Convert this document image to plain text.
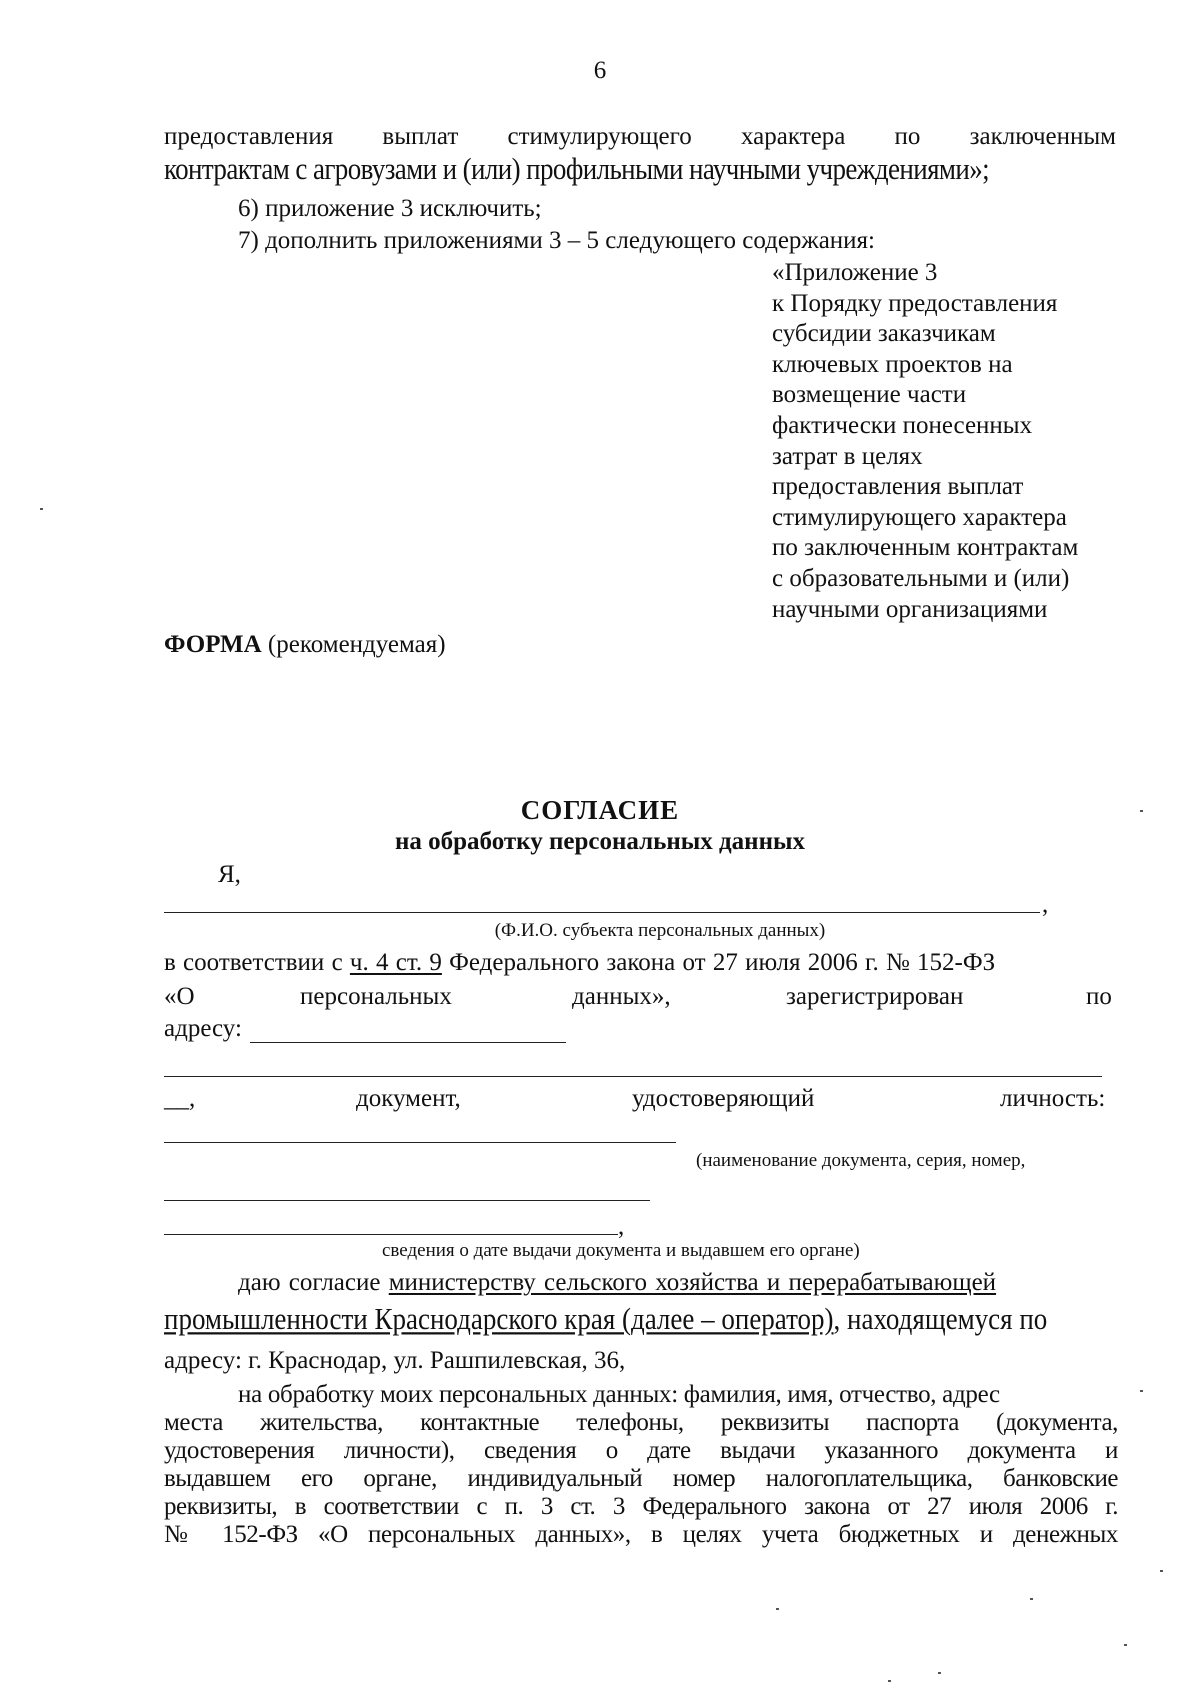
6
предоставления выплат стимулирующего характера по заключенным
контрактам с агровузами и (или) профильными научными учреждениями»;
6) приложение 3 исключить;
7) дополнить приложениями 3 – 5 следующего содержания:
«Приложение 3
к Порядку предоставления
субсидии заказчикам
ключевых проектов на
возмещение части
фактически понесенных
затрат в целях
предоставления выплат
стимулирующего характера
по заключенным контрактам
с образовательными и (или)
научными организациями
ФОРМА (рекомендуемая)
СОГЛАСИЕ
на обработку персональных данных
Я,
,
(Ф.И.О. субъекта персональных данных)
в соответствии с ч. 4 ст. 9 Федерального закона от 27 июля 2006 г. № 152-ФЗ
«О	персональных	данных»,	зарегистрирован	по
адресу:
__,	документ,	удостоверяющий	личность:
(наименование документа, серия, номер,
,
сведения о дате выдачи документа и выдавшем его органе)
даю согласие министерству сельского хозяйства и перерабатывающей
промышленности Краснодарского края (далее – оператор), находящемуся по
адресу: г. Краснодар, ул. Рашпилевская, 36,
на обработку моих персональных данных: фамилия, имя, отчество, адрес
места жительства, контактные телефоны, реквизиты паспорта (документа,
удостоверения личности), сведения о дате выдачи указанного документа и
выдавшем его органе, индивидуальный номер налогоплательщика, банковские
реквизиты, в соответствии с п. 3 ст. 3 Федерального закона от 27 июля 2006 г.
№ 152-ФЗ «О персональных данных», в целях учета бюджетных и денежных
